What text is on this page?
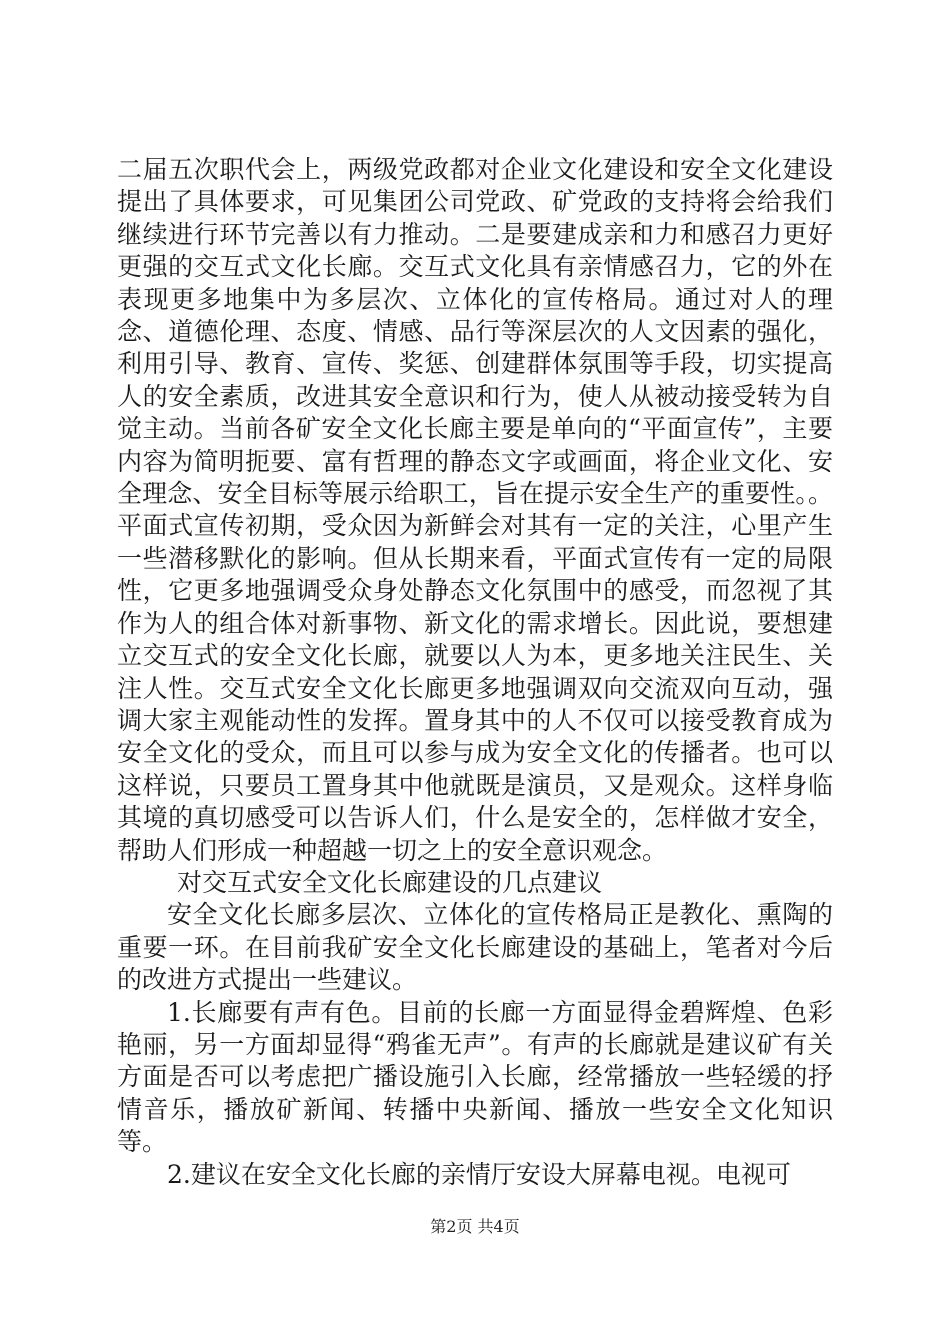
二届五次职代会上，两级党政都对企业文化建设和安全文化建设提出了具体要求，可见集团公司党政、矿党政的支持将会给我们继续进行环节完善以有力推动。二是要建成亲和力和感召力更好更强的交互式文化长廊。交互式文化具有亲情感召力，它的外在表现更多地集中为多层次、立体化的宣传格局。通过对人的理念、道德伦理、态度、情感、品行等深层次的人文因素的强化，利用引导、教育、宣传、奖惩、创建群体氛围等手段，切实提高人的安全素质，改进其安全意识和行为，使人从被动接受转为自觉主动。当前各矿安全文化长廊主要是单向的“平面宣传”，主要内容为简明扼要、富有哲理的静态文字或画面，将企业文化、安全理念、安全目标等展示给职工，旨在提示安全生产的重要性。。平面式宣传初期，受众因为新鲜会对其有一定的关注，心里产生一些潜移默化的影响。但从长期来看，平面式宣传有一定的局限性，它更多地强调受众身处静态文化氛围中的感受，而忽视了其作为人的组合体对新事物、新文化的需求增长。因此说，要想建立交互式的安全文化长廊，就要以人为本，更多地关注民生、关注人性。交互式安全文化长廊更多地强调双向交流双向互动，强调大家主观能动性的发挥。置身其中的人不仅可以接受教育成为安全文化的受众，而且可以参与成为安全文化的传播者。也可以这样说，只要员工置身其中他就既是演员，又是观众。这样身临其境的真切感受可以告诉人们，什么是安全的，怎样做才安全，帮助人们形成一种超越一切之上的安全意识观念。

对交互式安全文化长廊建设的几点建议

安全文化长廊多层次、立体化的宣传格局正是教化、熏陶的重要一环。在目前我矿安全文化长廊建设的基础上，笔者对今后的改进方式提出一些建议。

1.长廊要有声有色。目前的长廊一方面显得金碧辉煌、色彩艳丽，另一方面却显得“鸦雀无声”。有声的长廊就是建议矿有关方面是否可以考虑把广播设施引入长廊，经常播放一些轻缓的抒情音乐，播放矿新闻、转播中央新闻、播放一些安全文化知识等。

2.建议在安全文化长廊的亲情厅安设大屏幕电视。电视可

第2页 共4页
